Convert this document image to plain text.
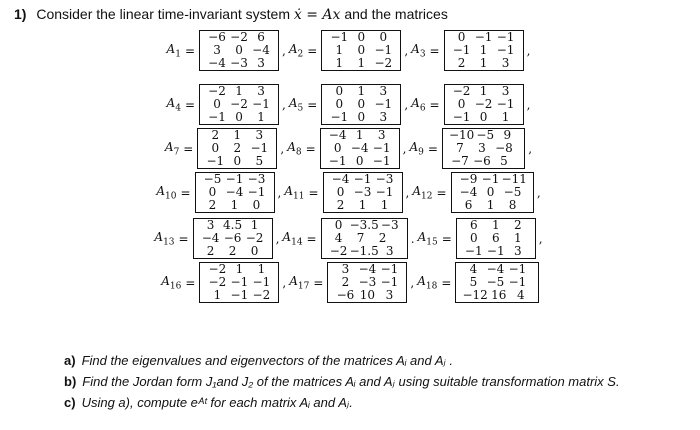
1) Consider the linear time-invariant system ẋ = Ax and the matrices
$A_1$ =
−6 −2 6
3	0 −4
−4 −3 3
, $A_2$ =
−1 0	0
1	0 −1
1	1 −2
, $A_3$ =
0 −1 −1
−1 1 −1
2	1	3
,
$A_4$ =
−2 1	3
0 −2 −1
−1 0	1
, $A_5$ =
0	1	3
0	0 −1
−1 0	3
, $A_6$ =
−2 1	3
0 −2 −1
−1 0	1
,
$A_7$ =
2	1	3
0	2 −1
−1 0	5
, $A_8$ =
−4 1	3
0 −4 −1
−1 0 −1
, $A_9$ =
−10 −5 9
7	3 −8
−7 −6 5
,
$A_{10}$ =
−5 −1 −3
0 −4 −1
2	1	0
, $A_{11}$ =
−4 −1 −3
0 −3 −1
2	1	1
, $A_{12}$ =
−9 −1 −11
−4 0 −5
6	1	8
,
$A_{13}$ =
3 4.5 1
−4 −6 −2
2	2	0
, $A_{14}$ =
0 −3.5 −3
4	7	2
−2 −1.5 3
. $A_{15}$ =
6	1	2
0	6	1
−1 −1 3
,
$A_{16}$ =
−2 1	1
−2 −1 −1
1 −1 −2
, $A_{17}$ =
3 −4 −1
2 −3 −1
−6 10 3
, $A_{18}$ =
4 −4 −1
5 −5 −1
−12 16 4
a) Find the eigenvalues and eigenvectors of the matrices Aᵢ and Aⱼ .
b) Find the Jordan form J₁and J₂ of the matrices Aᵢ and Aⱼ using suitable transformation matrix S.
c) Using a), compute eᴬᵗ for each matrix Aᵢ and Aⱼ.
